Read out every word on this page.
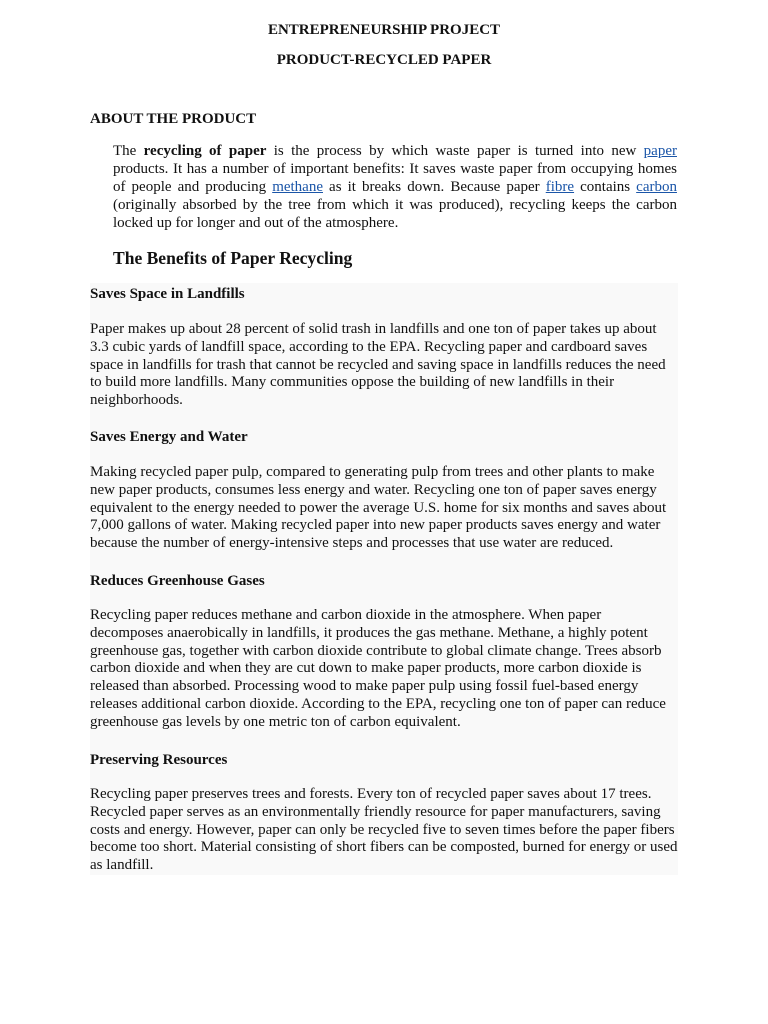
ENTREPRENEURSHIP PROJECT
PRODUCT-RECYCLED PAPER
ABOUT THE PRODUCT

The recycling of paper is the process by which waste paper is turned into new paper products. It has a number of important benefits: It saves waste paper from occupying homes of people and producing methane as it breaks down. Because paper fibre contains carbon (originally absorbed by the tree from which it was produced), recycling keeps the carbon locked up for longer and out of the atmosphere.

The Benefits of Paper Recycling
Saves Space in Landfills

Paper makes up about 28 percent of solid trash in landfills and one ton of paper takes up about 3.3 cubic yards of landfill space, according to the EPA. Recycling paper and cardboard saves space in landfills for trash that cannot be recycled and saving space in landfills reduces the need to build more landfills. Many communities oppose the building of new landfills in their neighborhoods.

Saves Energy and Water

Making recycled paper pulp, compared to generating pulp from trees and other plants to make new paper products, consumes less energy and water. Recycling one ton of paper saves energy equivalent to the energy needed to power the average U.S. home for six months and saves about 7,000 gallons of water. Making recycled paper into new paper products saves energy and water because the number of energy-intensive steps and processes that use water are reduced.

Reduces Greenhouse Gases

Recycling paper reduces methane and carbon dioxide in the atmosphere. When paper decomposes anaerobically in landfills, it produces the gas methane. Methane, a highly potent greenhouse gas, together with carbon dioxide contribute to global climate change. Trees absorb carbon dioxide and when they are cut down to make paper products, more carbon dioxide is released than absorbed. Processing wood to make paper pulp using fossil fuel-based energy releases additional carbon dioxide. According to the EPA, recycling one ton of paper can reduce greenhouse gas levels by one metric ton of carbon equivalent.

Preserving Resources

Recycling paper preserves trees and forests. Every ton of recycled paper saves about 17 trees. Recycled paper serves as an environmentally friendly resource for paper manufacturers, saving costs and energy. However, paper can only be recycled five to seven times before the paper fibers become too short. Material consisting of short fibers can be composted, burned for energy or used as landfill.
